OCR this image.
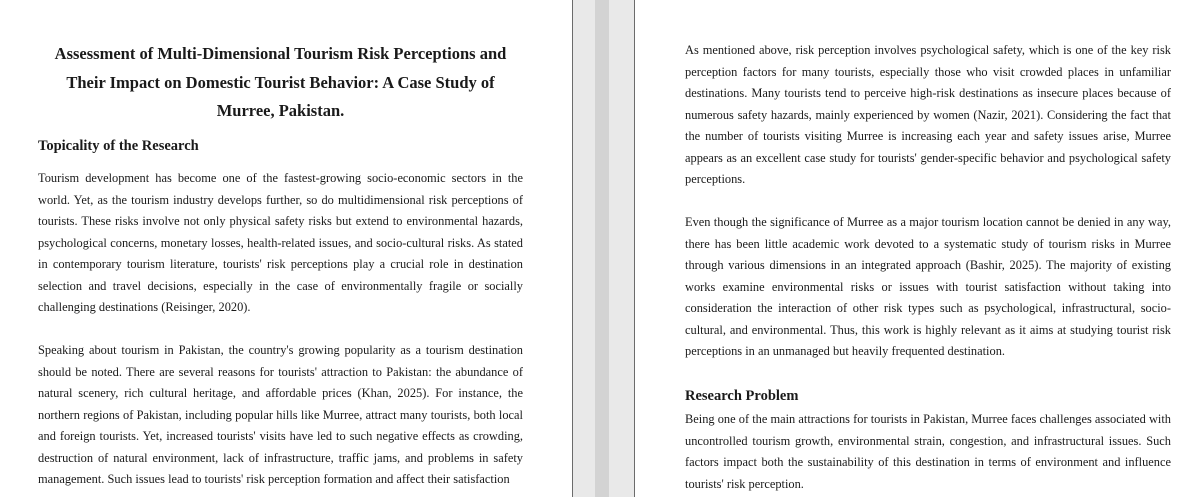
Assessment of Multi-Dimensional Tourism Risk Perceptions and Their Impact on Domestic Tourist Behavior: A Case Study of Murree, Pakistan.
Topicality of the Research

Tourism development has become one of the fastest-growing socio-economic sectors in the world. Yet, as the tourism industry develops further, so do multidimensional risk perceptions of tourists. These risks involve not only physical safety risks but extend to environmental hazards, psychological concerns, monetary losses, health-related issues, and socio-cultural risks. As stated in contemporary tourism literature, tourists' risk perceptions play a crucial role in destination selection and travel decisions, especially in the case of environmentally fragile or socially challenging destinations (Reisinger, 2020).

Speaking about tourism in Pakistan, the country's growing popularity as a tourism destination should be noted. There are several reasons for tourists' attraction to Pakistan: the abundance of natural scenery, rich cultural heritage, and affordable prices (Khan, 2025). For instance, the northern regions of Pakistan, including popular hills like Murree, attract many tourists, both local and foreign tourists. Yet, increased tourists' visits have led to such negative effects as crowding, destruction of natural environment, lack of infrastructure, traffic jams, and problems in safety management. Such issues lead to tourists' risk perception formation and affect their satisfaction

As mentioned above, risk perception involves psychological safety, which is one of the key risk perception factors for many tourists, especially those who visit crowded places in unfamiliar destinations. Many tourists tend to perceive high-risk destinations as insecure places because of numerous safety hazards, mainly experienced by women (Nazir, 2021). Considering the fact that the number of tourists visiting Murree is increasing each year and safety issues arise, Murree appears as an excellent case study for tourists' gender-specific behavior and psychological safety perceptions.

Even though the significance of Murree as a major tourism location cannot be denied in any way, there has been little academic work devoted to a systematic study of tourism risks in Murree through various dimensions in an integrated approach (Bashir, 2025). The majority of existing works examine environmental risks or issues with tourist satisfaction without taking into consideration the interaction of other risk types such as psychological, infrastructural, socio-cultural, and environmental. Thus, this work is highly relevant as it aims at studying tourist risk perceptions in an unmanaged but heavily frequented destination.

Research Problem

Being one of the main attractions for tourists in Pakistan, Murree faces challenges associated with uncontrolled tourism growth, environmental strain, congestion, and infrastructural issues. Such factors impact both the sustainability of this destination in terms of environment and influence tourists' risk perception.
